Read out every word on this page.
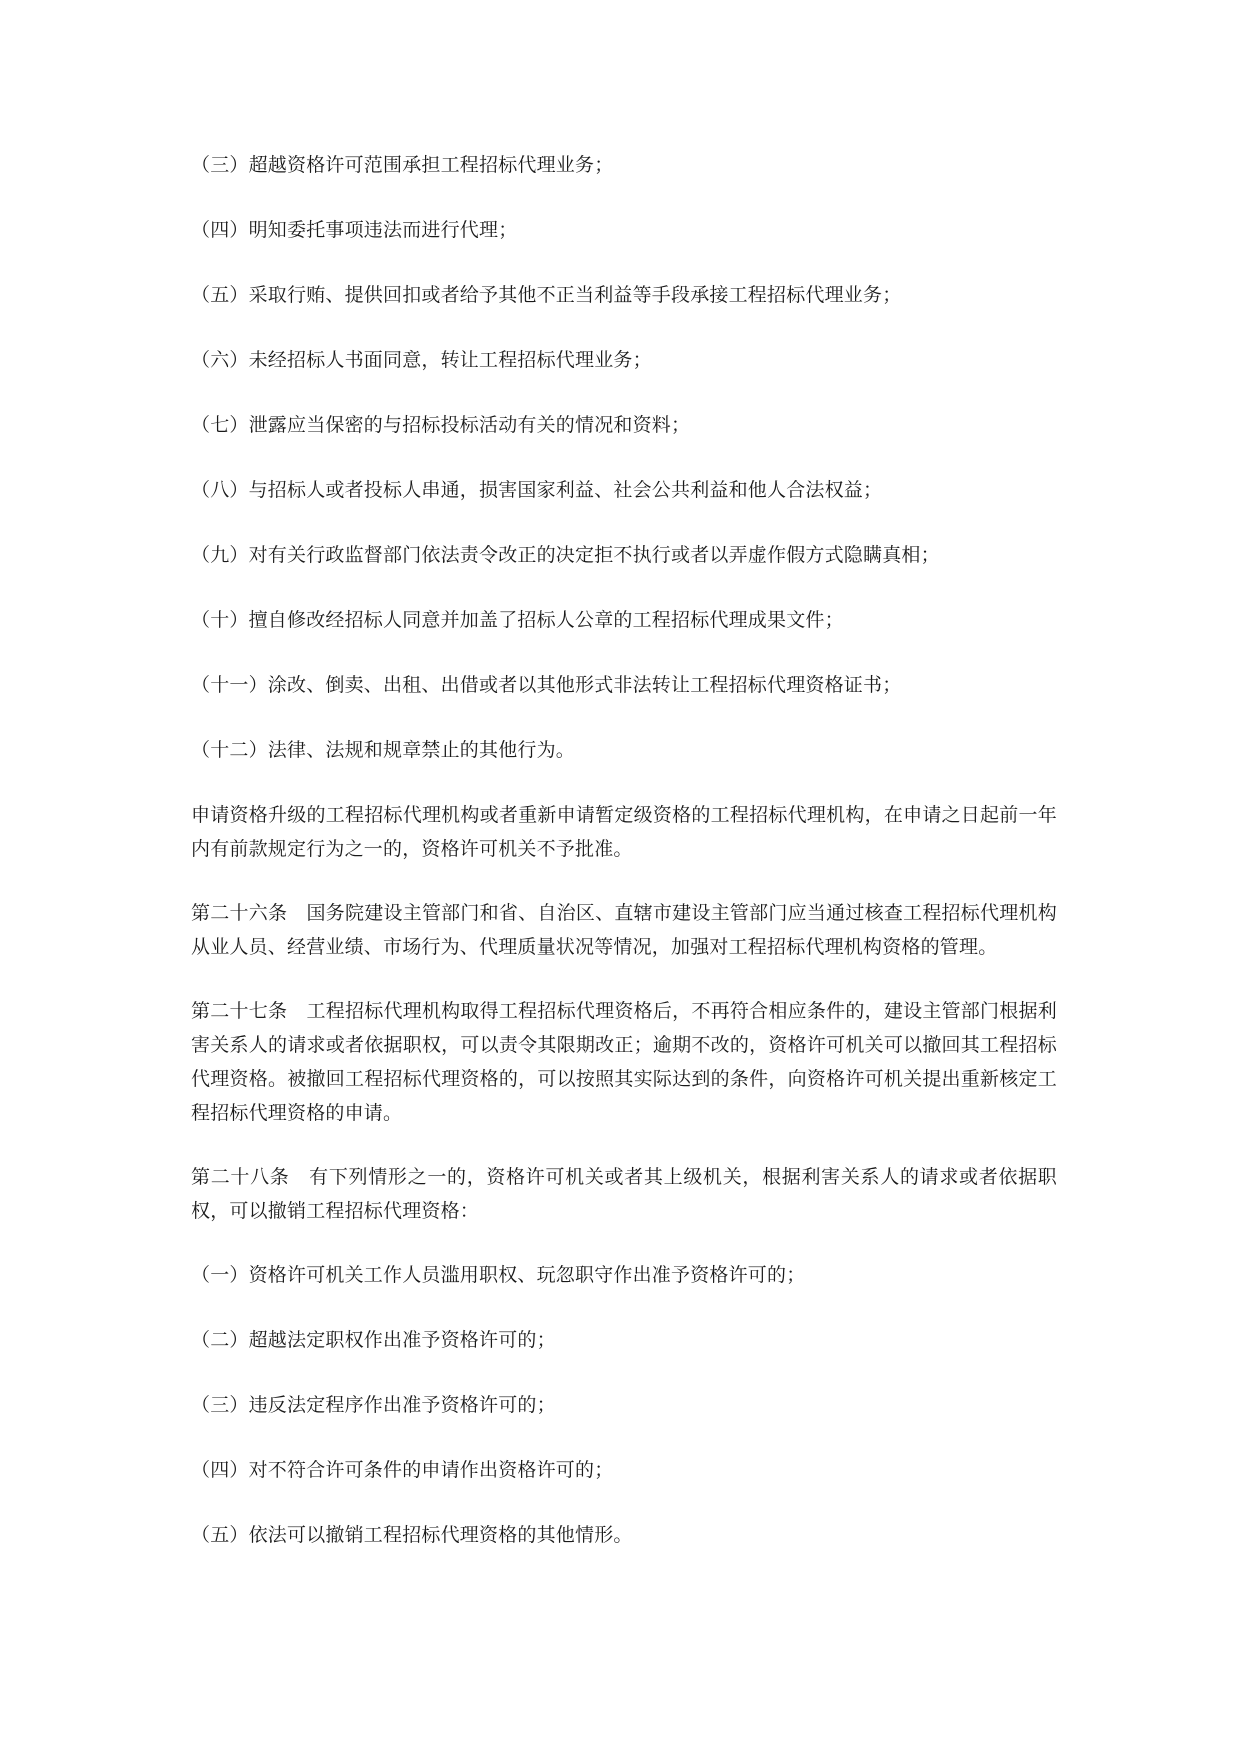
（三）超越资格许可范围承担工程招标代理业务；

（四）明知委托事项违法而进行代理；

（五）采取行贿、提供回扣或者给予其他不正当利益等手段承接工程招标代理业务；

（六）未经招标人书面同意，转让工程招标代理业务；

（七）泄露应当保密的与招标投标活动有关的情况和资料；

（八）与招标人或者投标人串通，损害国家利益、社会公共利益和他人合法权益；

（九）对有关行政监督部门依法责令改正的决定拒不执行或者以弄虚作假方式隐瞒真相；

（十）擅自修改经招标人同意并加盖了招标人公章的工程招标代理成果文件；

（十一）涂改、倒卖、出租、出借或者以其他形式非法转让工程招标代理资格证书；

（十二）法律、法规和规章禁止的其他行为。

申请资格升级的工程招标代理机构或者重新申请暂定级资格的工程招标代理机构，在申请之日起前一年内有前款规定行为之一的，资格许可机关不予批准。

第二十六条　国务院建设主管部门和省、自治区、直辖市建设主管部门应当通过核查工程招标代理机构从业人员、经营业绩、市场行为、代理质量状况等情况，加强对工程招标代理机构资格的管理。

第二十七条　工程招标代理机构取得工程招标代理资格后，不再符合相应条件的，建设主管部门根据利害关系人的请求或者依据职权，可以责令其限期改正；逾期不改的，资格许可机关可以撤回其工程招标代理资格。被撤回工程招标代理资格的，可以按照其实际达到的条件，向资格许可机关提出重新核定工程招标代理资格的申请。

第二十八条　有下列情形之一的，资格许可机关或者其上级机关，根据利害关系人的请求或者依据职权，可以撤销工程招标代理资格：

（一）资格许可机关工作人员滥用职权、玩忽职守作出准予资格许可的；

（二）超越法定职权作出准予资格许可的；

（三）违反法定程序作出准予资格许可的；

（四）对不符合许可条件的申请作出资格许可的；

（五）依法可以撤销工程招标代理资格的其他情形。
